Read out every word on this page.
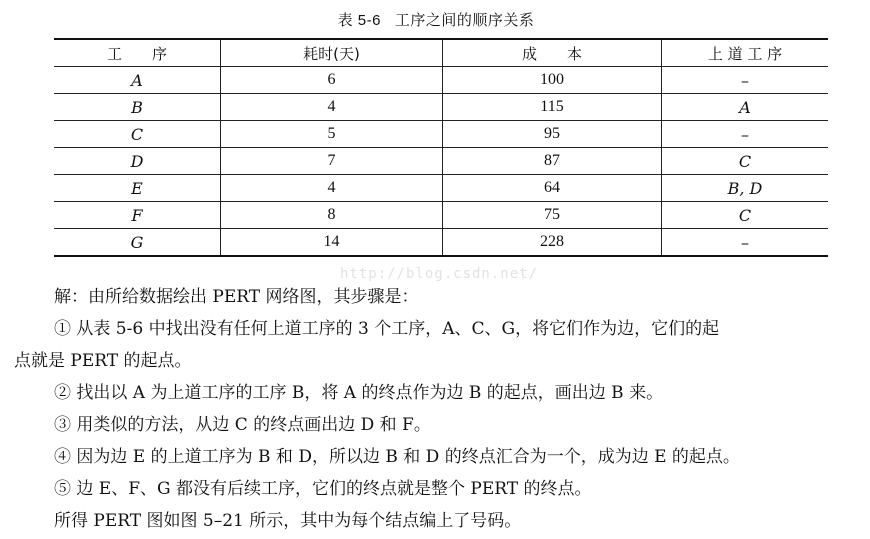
表 5-6 工序之间的顺序关系
工　　序	耗时(天)	成　　本	上 道 工 序
A	6	100	–
B	4	115	A
C	5	95	–
D	7	87	C
E	4	64	B, D
F	8	75	C
G	14	228	–
http://blog.csdn.net/

解：由所给数据绘出 PERT 网络图，其步骤是：

① 从表 5-6 中找出没有任何上道工序的 3 个工序，A、C、G，将它们作为边，它们的起

点就是 PERT 的起点。

② 找出以 A 为上道工序的工序 B，将 A 的终点作为边 B 的起点，画出边 B 来。

③ 用类似的方法，从边 C 的终点画出边 D 和 F。

④ 因为边 E 的上道工序为 B 和 D，所以边 B 和 D 的终点汇合为一个，成为边 E 的起点。

⑤ 边 E、F、G 都没有后续工序，它们的终点就是整个 PERT 的终点。

所得 PERT 图如图 5–21 所示，其中为每个结点编上了号码。
